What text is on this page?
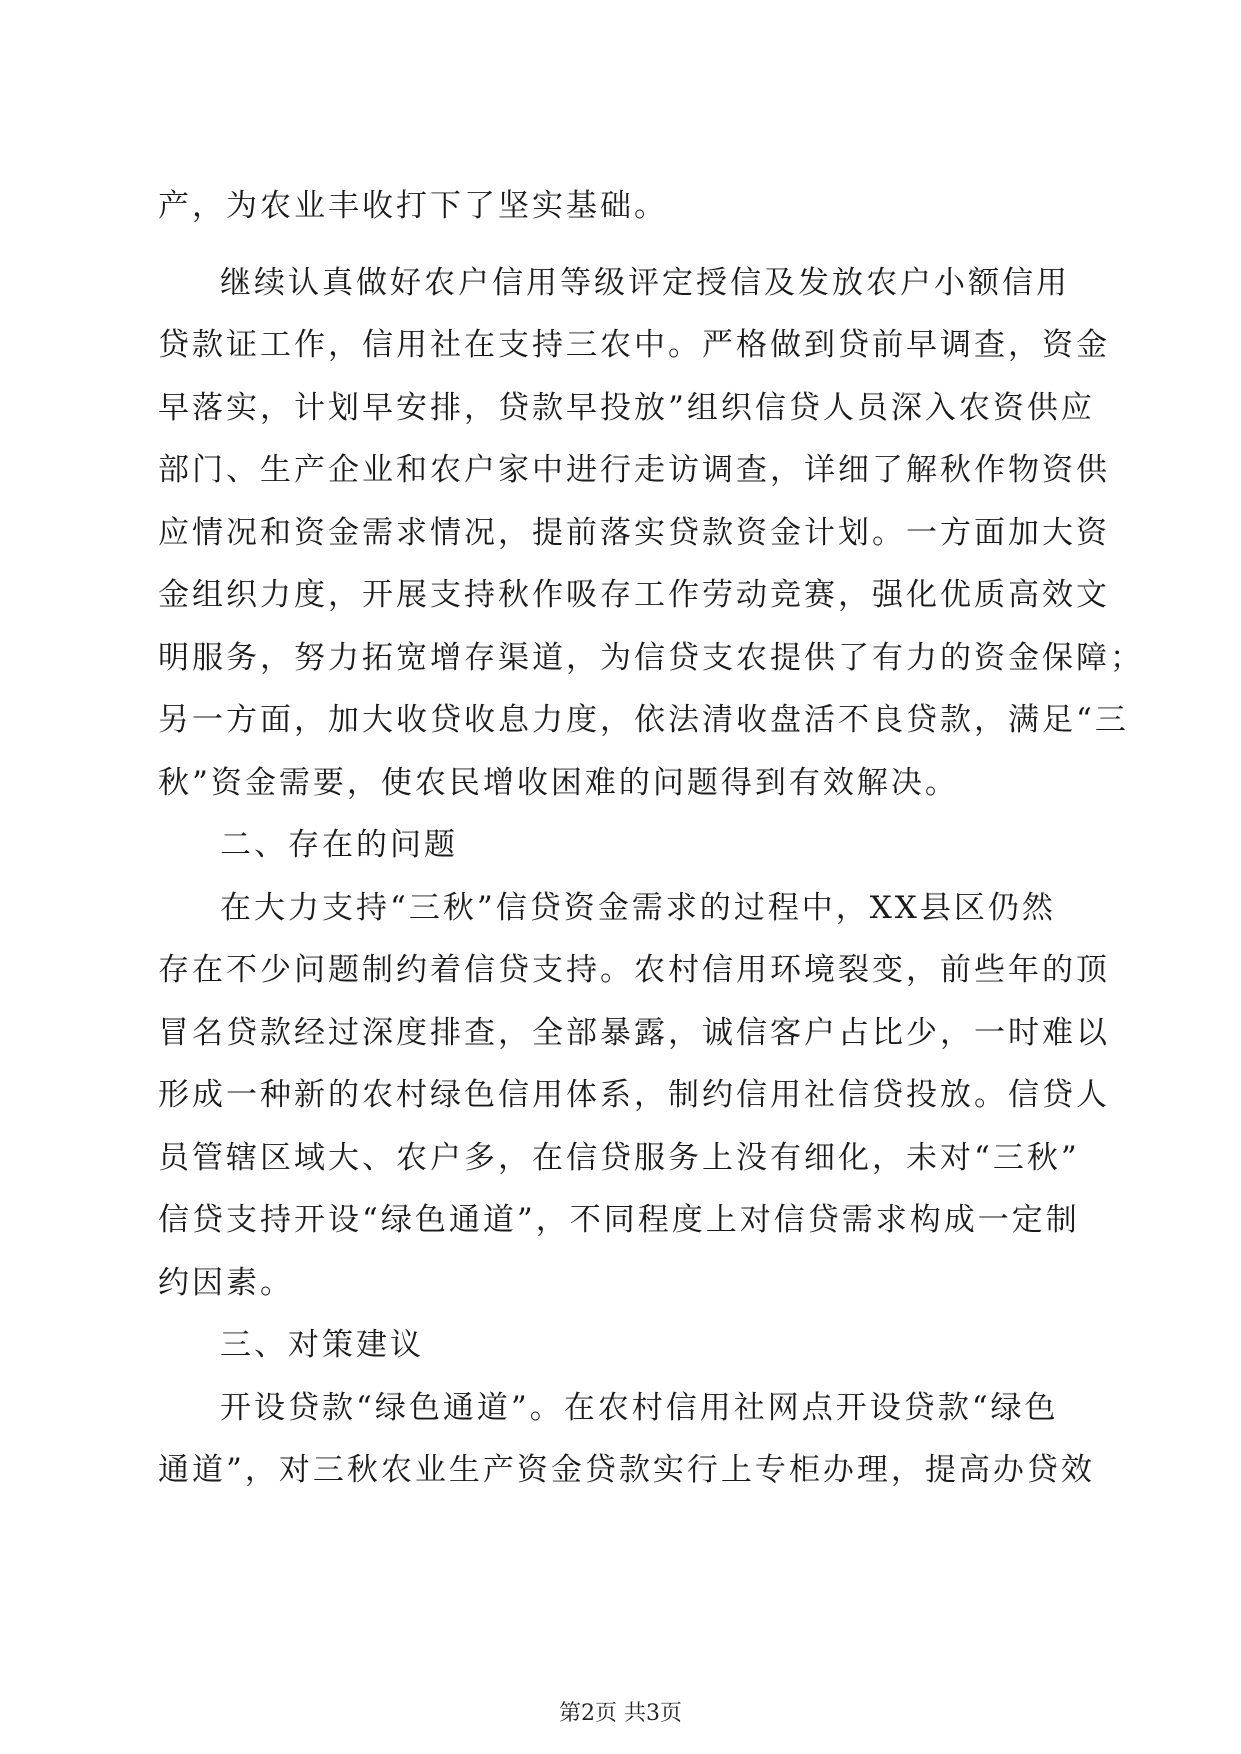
产，为农业丰收打下了坚实基础。
继续认真做好农户信用等级评定授信及发放农户小额信用
贷款证工作，信用社在支持三农中。严格做到贷前早调查，资金
早落实，计划早安排，贷款早投放”组织信贷人员深入农资供应
部门、生产企业和农户家中进行走访调查，详细了解秋作物资供
应情况和资金需求情况，提前落实贷款资金计划。一方面加大资
金组织力度，开展支持秋作吸存工作劳动竞赛，强化优质高效文
明服务，努力拓宽增存渠道，为信贷支农提供了有力的资金保障；
另一方面，加大收贷收息力度，依法清收盘活不良贷款，满足“三
秋”资金需要，使农民增收困难的问题得到有效解决。
二、存在的问题
在大力支持“三秋”信贷资金需求的过程中，XX县区仍然
存在不少问题制约着信贷支持。农村信用环境裂变，前些年的顶
冒名贷款经过深度排查，全部暴露，诚信客户占比少，一时难以
形成一种新的农村绿色信用体系，制约信用社信贷投放。信贷人
员管辖区域大、农户多，在信贷服务上没有细化，未对“三秋”
信贷支持开设“绿色通道”，不同程度上对信贷需求构成一定制
约因素。
三、对策建议
开设贷款“绿色通道”。在农村信用社网点开设贷款“绿色
通道”，对三秋农业生产资金贷款实行上专柜办理，提高办贷效
第2页 共3页
